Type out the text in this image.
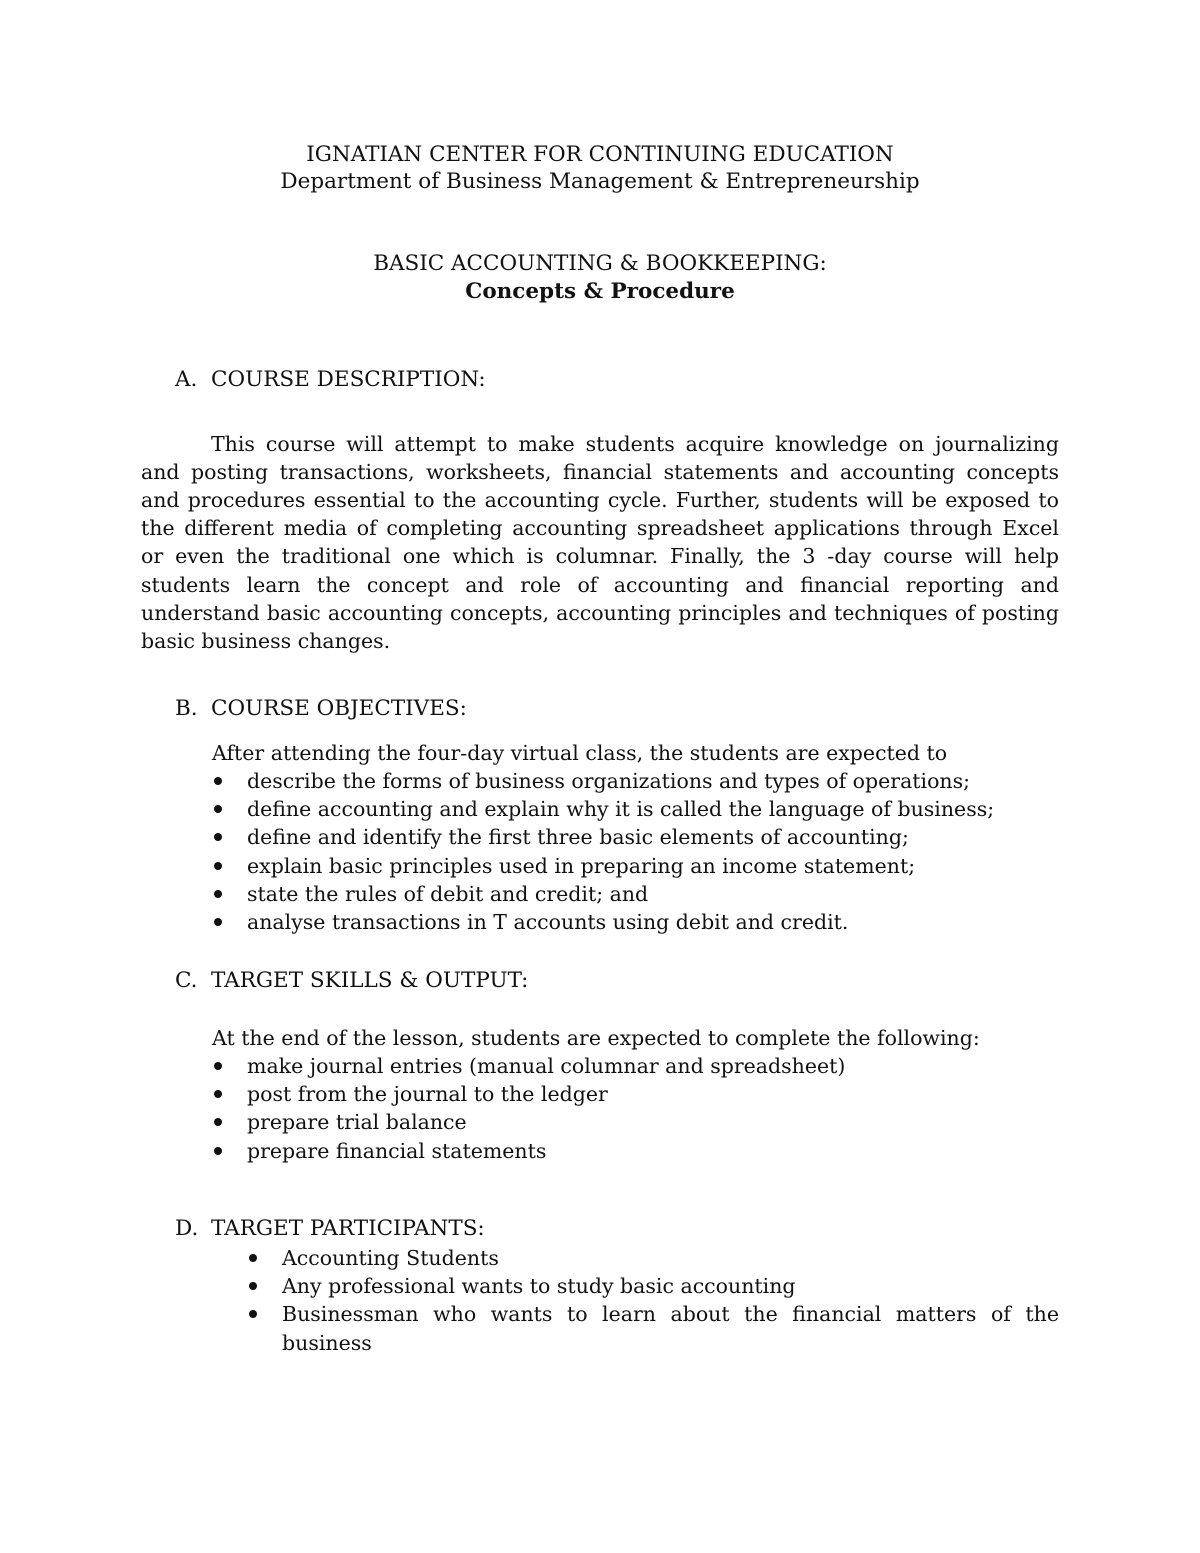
IGNATIAN CENTER FOR CONTINUING EDUCATION
Department of Business Management & Entrepreneurship
BASIC ACCOUNTING & BOOKKEEPING:
Concepts & Procedure
A. COURSE DESCRIPTION:

This course will attempt to make students acquire knowledge on journalizing and posting transactions, worksheets, financial statements and accounting concepts and procedures essential to the accounting cycle. Further, students will be exposed to the different media of completing accounting spreadsheet applications through Excel or even the traditional one which is columnar. Finally, the 3 -day course will help students learn the concept and role of accounting and financial reporting and understand basic accounting concepts, accounting principles and techniques of posting basic business changes.

B. COURSE OBJECTIVES:
After attending the four-day virtual class, the students are expected to
describe the forms of business organizations and types of operations;
define accounting and explain why it is called the language of business;
define and identify the first three basic elements of accounting;
explain basic principles used in preparing an income statement;
state the rules of debit and credit; and
analyse transactions in T accounts using debit and credit.
C. TARGET SKILLS & OUTPUT:
At the end of the lesson, students are expected to complete the following:
make journal entries (manual columnar and spreadsheet)
post from the journal to the ledger
prepare trial balance
prepare financial statements
D. TARGET PARTICIPANTS:
Accounting Students
Any professional wants to study basic accounting
Businessman who wants to learn about the financial matters of the business
